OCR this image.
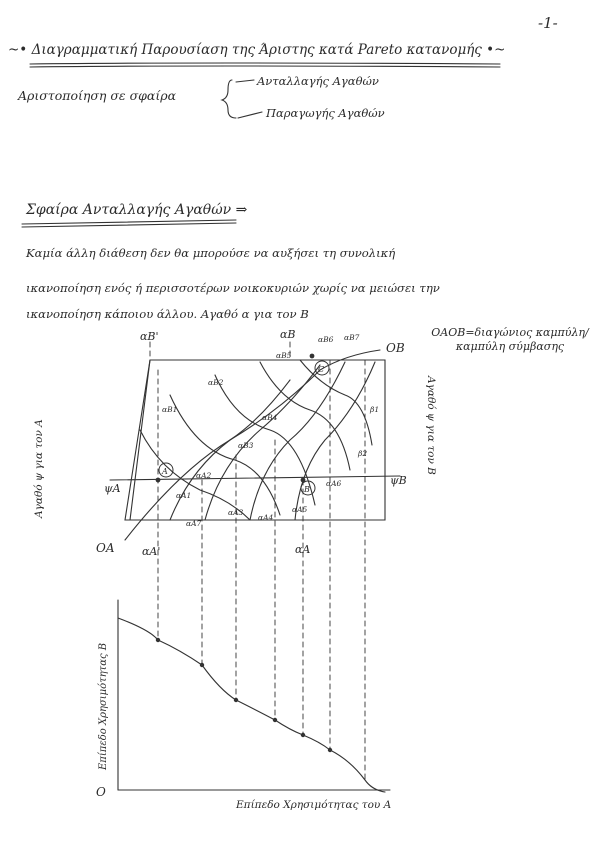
-1-
~• Διαγραμματική Παρουσίαση της Άριστης κατά Pareto κατανομής •~
Αριστοποίηση σε σφαίρα
Ανταλλαγής Αγαθών
Παραγωγής Αγαθών
Σφαίρα Ανταλλαγής Αγαθών ⇒
Καμία άλλη διάθεση δεν θα μπορούσε να αυξήσει τη συνολική
ικανοποίηση ενός ή περισσοτέρων νοικοκυριών χωρίς να μειώσει την
ικανοποίηση κάποιου άλλου. Αγαθό α για τον Β
OAOB=διαγώνιος καμπύλη/καμπύλη σύμβασης
OA
OB
αB'	αB
αA'	αA
ψA
ψB
Αγαθό ψ για τον A	Αγαθό ψ για τον B
αB1
αB2
αB3
αB4
αB5
αB6 αB7
αA1
αA2
αA3
αA4
αA5
αA6
αA7
β1
β2
A
B
C
O
Επίπεδο Χρησιμότητας B
Επίπεδο Χρησιμότητας του A
